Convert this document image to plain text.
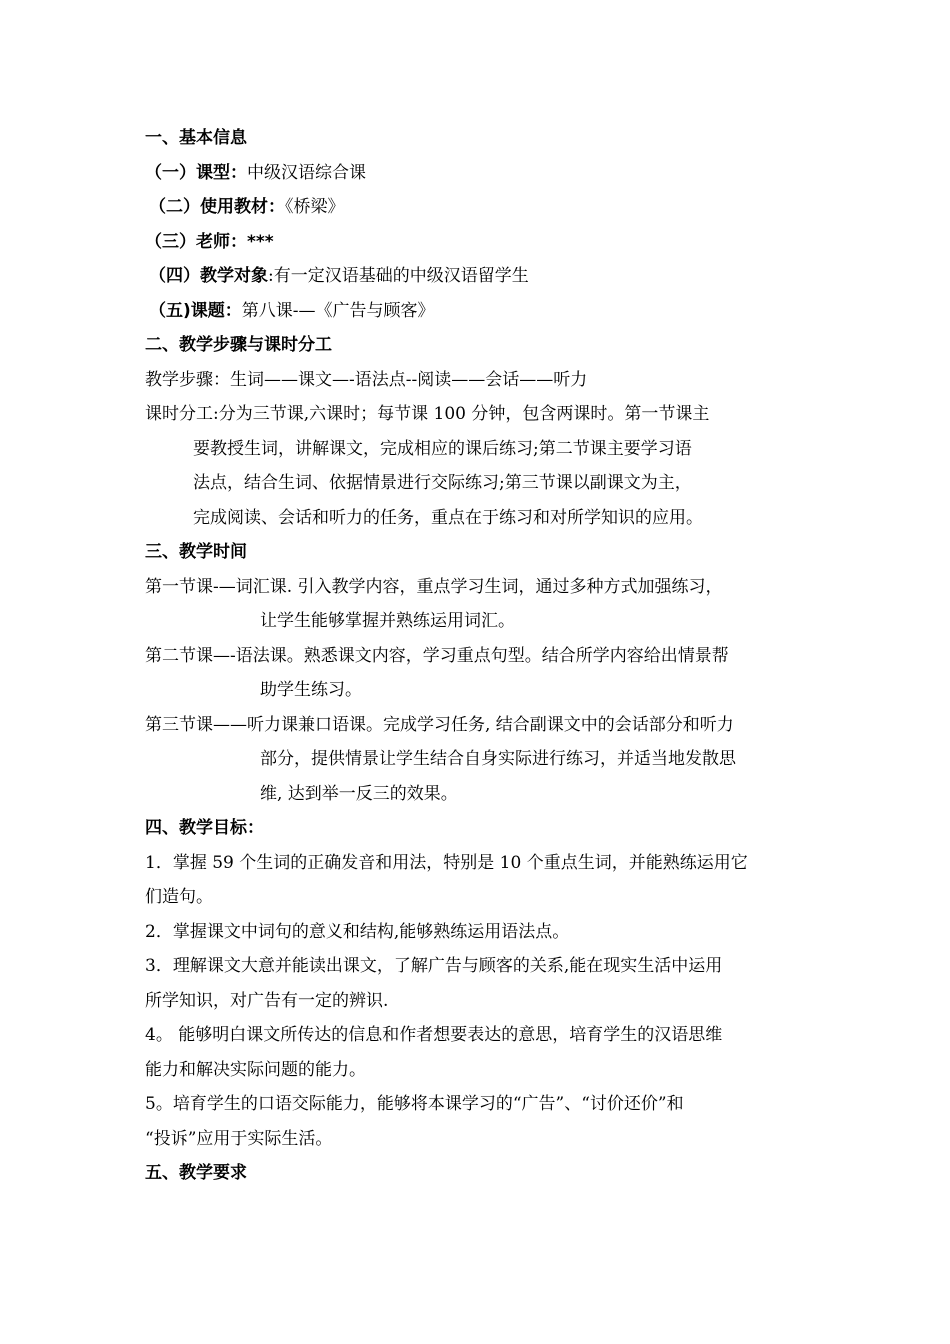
一、基本信息
（一）课型：中级汉语综合课
（二）使用教材：《桥梁》
（三）老师：***
（四）教学对象:有一定汉语基础的中级汉语留学生
（五)课题：第八课-—《广告与顾客》
二、教学步骤与课时分工
教学步骤：生词——课文—-语法点--阅读——会话——听力
课时分工:分为三节课,六课时；每节课 100 分钟，包含两课时。第一节课主
要教授生词，讲解课文，完成相应的课后练习;第二节课主要学习语
法点，结合生词、依据情景进行交际练习;第三节课以副课文为主，
完成阅读、会话和听力的任务，重点在于练习和对所学知识的应用。
三、教学时间
第一节课-—词汇课. 引入教学内容，重点学习生词，通过多种方式加强练习，
让学生能够掌握并熟练运用词汇。
第二节课—-语法课。熟悉课文内容，学习重点句型。结合所学内容给出情景帮
助学生练习。
第三节课——听力课兼口语课。完成学习任务, 结合副课文中的会话部分和听力
部分，提供情景让学生结合自身实际进行练习，并适当地发散思
维, 达到举一反三的效果。
四、教学目标：
1．掌握 59 个生词的正确发音和用法，特别是 10 个重点生词，并能熟练运用它
们造句。
2．掌握课文中词句的意义和结构,能够熟练运用语法点。
3．理解课文大意并能读出课文，了解广告与顾客的关系,能在现实生活中运用
所学知识，对广告有一定的辨识.
4。 能够明白课文所传达的信息和作者想要表达的意思，培育学生的汉语思维
能力和解决实际问题的能力。
5。培育学生的口语交际能力，能够将本课学习的“广告”、“讨价还价”和
“投诉”应用于实际生活。
五、教学要求
